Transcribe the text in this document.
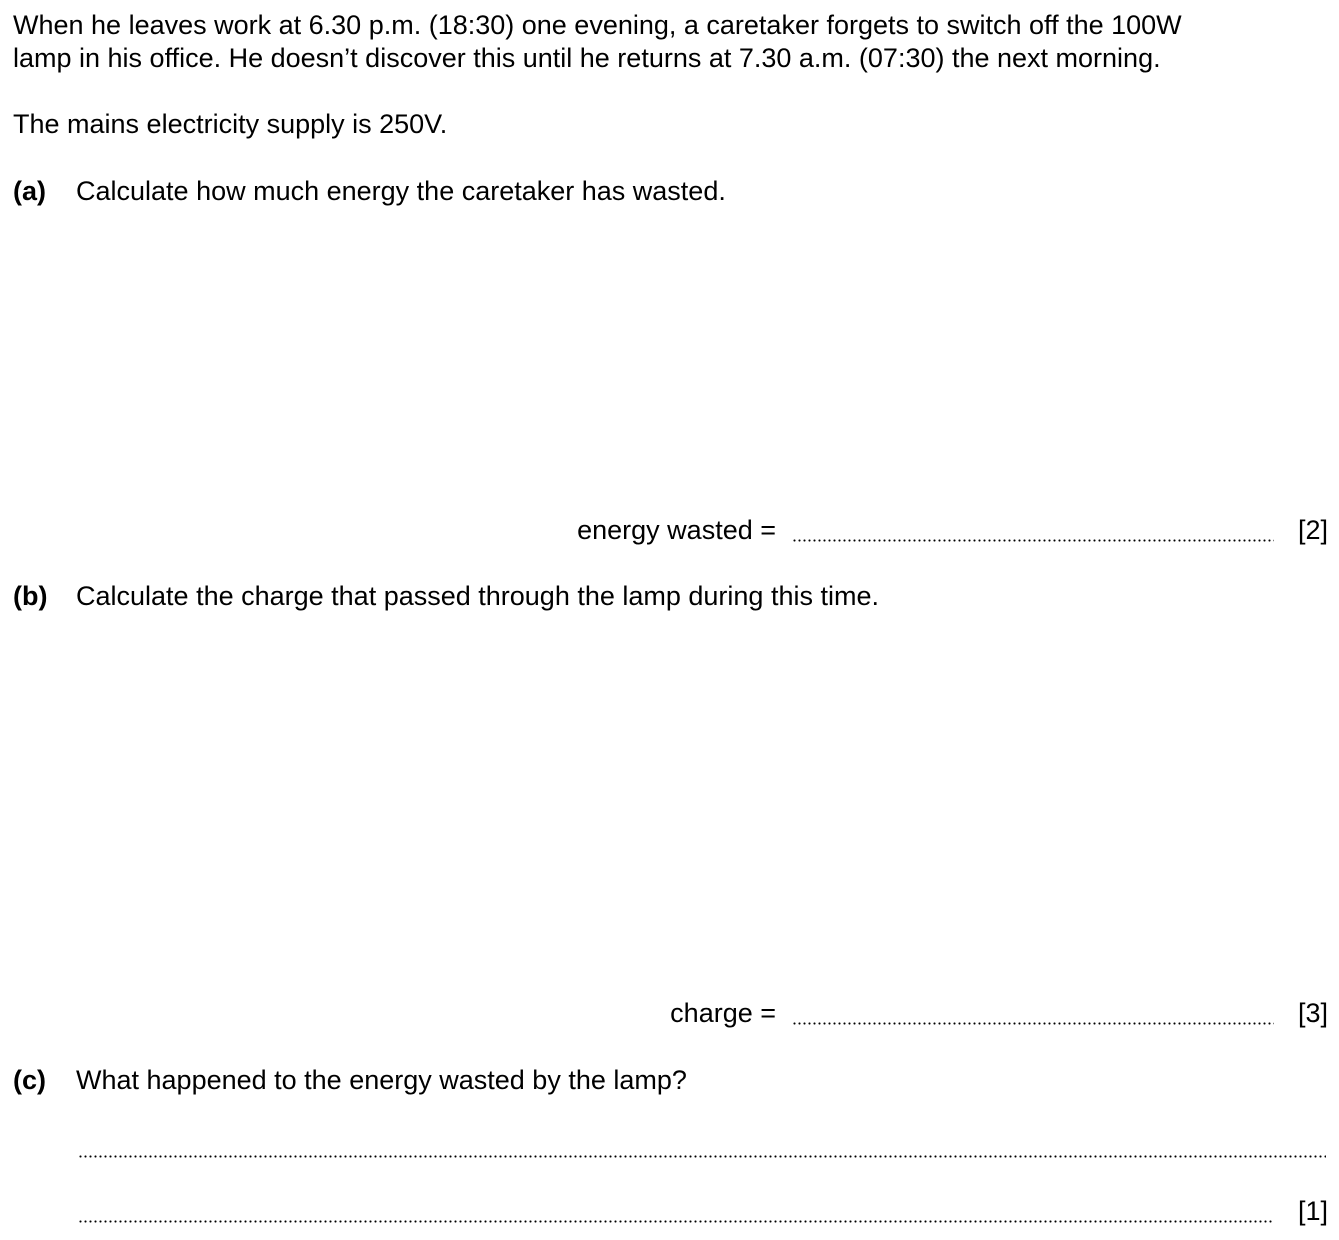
When he leaves work at 6.30 p.m. (18:30) one evening, a caretaker forgets to switch off the 100W
lamp in his office. He doesn’t discover this until he returns at 7.30 a.m. (07:30) the next morning.
The mains electricity supply is 250V.
(a) Calculate how much energy the caretaker has wasted.
energy wasted =	[2]
(b) Calculate the charge that passed through the lamp during this time.
charge =	[3]
(c) What happened to the energy wasted by the lamp?
[1]
